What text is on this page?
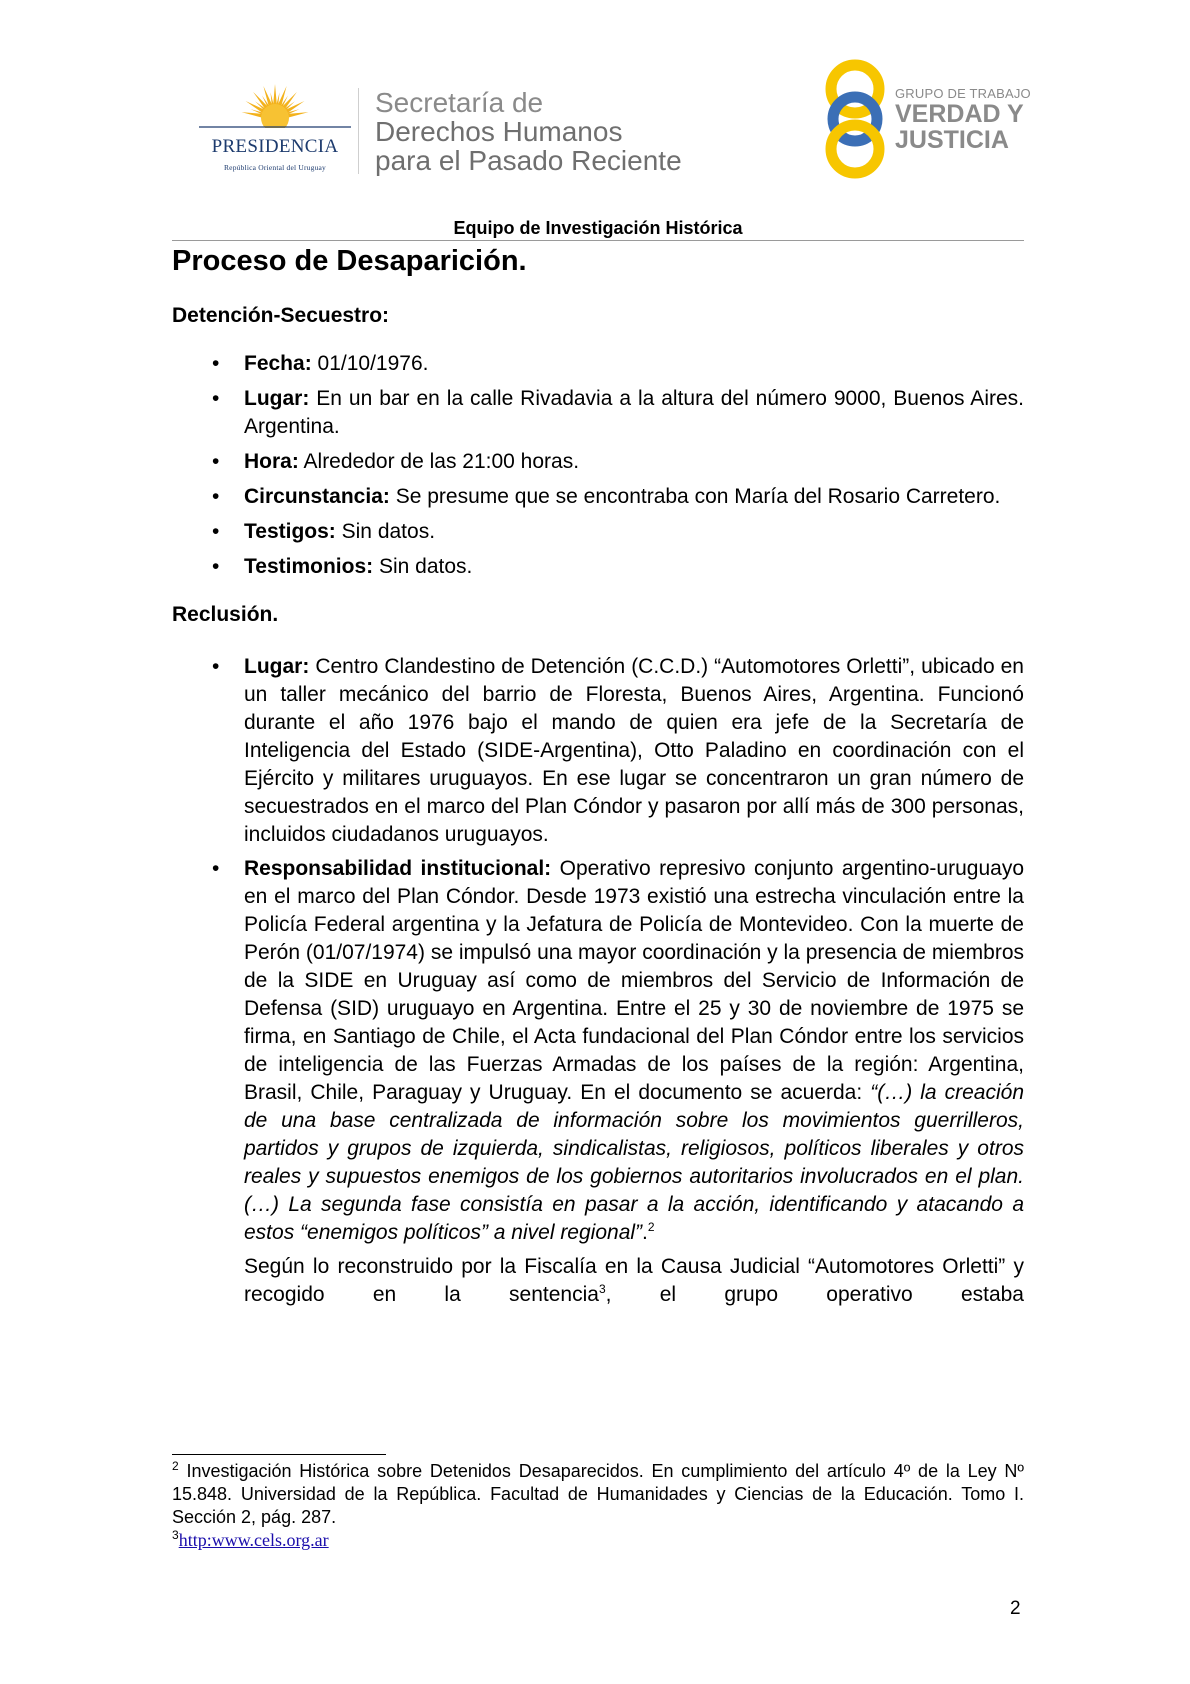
PRESIDENCIA
República Oriental del Uruguay
Secretaría de
Derechos Humanos
para el Pasado Reciente
GRUPO DE TRABAJO
VERDAD Y
JUSTICIA
Equipo de Investigación Histórica
Proceso de Desaparición.
Detención-Secuestro:
• Fecha: 01/10/1976.
• Lugar: En un bar en la calle Rivadavia a la altura del número 9000, Buenos Aires. Argentina.
• Hora: Alrededor de las 21:00 horas.
• Circunstancia: Se presume que se encontraba con María del Rosario Carretero.
• Testigos: Sin datos.
• Testimonios: Sin datos.
Reclusión.
• Lugar: Centro Clandestino de Detención (C.C.D.) “Automotores Orletti”, ubicado en un taller mecánico del barrio de Floresta, Buenos Aires, Argentina. Funcionó durante el año 1976 bajo el mando de quien era jefe de la Secretaría de Inteligencia del Estado (SIDE-Argentina), Otto Paladino en coordinación con el Ejército y militares uruguayos. En ese lugar se concentraron un gran número de secuestrados en el marco del Plan Cóndor y pasaron por allí más de 300 personas, incluidos ciudadanos uruguayos.
• Responsabilidad institucional: Operativo represivo conjunto argentino-uruguayo en el marco del Plan Cóndor. Desde 1973 existió una estrecha vinculación entre la Policía Federal argentina y la Jefatura de Policía de Montevideo. Con la muerte de Perón (01/07/1974) se impulsó una mayor coordinación y la presencia de miembros de la SIDE en Uruguay así como de miembros del Servicio de Información de Defensa (SID) uruguayo en Argentina. Entre el 25 y 30 de noviembre de 1975 se firma, en Santiago de Chile, el Acta fundacional del Plan Cóndor entre los servicios de inteligencia de las Fuerzas Armadas de los países de la región: Argentina, Brasil, Chile, Paraguay y Uruguay. En el documento se acuerda: “(…) la creación de una base centralizada de información sobre los movimientos guerrilleros, partidos y grupos de izquierda, sindicalistas, religiosos, políticos liberales y otros reales y supuestos enemigos de los gobiernos autoritarios involucrados en el plan. (…) La segunda fase consistía en pasar a la acción, identificando y atacando a estos “enemigos políticos” a nivel regional”.$^2$
Según lo reconstruido por la Fiscalía en la Causa Judicial “Automotores Orletti” y recogido en la sentencia$^3$, el grupo operativo estaba
$^2$ Investigación Histórica sobre Detenidos Desaparecidos. En cumplimiento del artículo 4º de la Ley Nº 15.848. Universidad de la República. Facultad de Humanidades y Ciencias de la Educación. Tomo I. Sección 2, pág. 287.
$^3$http:www.cels.org.ar
2
